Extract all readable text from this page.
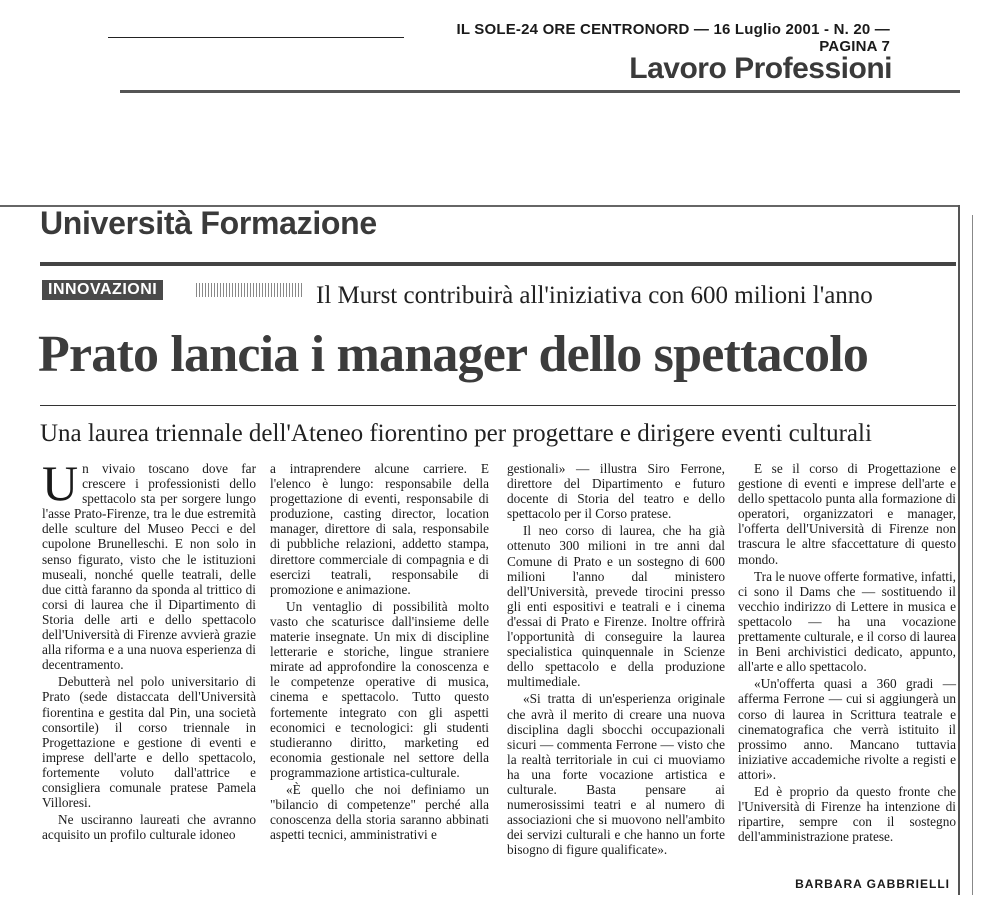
IL SOLE-24 ORE CENTRONORD — 16 Luglio 2001 - N. 20 — PAGINA 7
Lavoro Professioni
Università Formazione
INNOVAZIONI	Il Murst contribuirà all'iniziativa con 600 milioni l'anno
Prato lancia i manager dello spettacolo
Una laurea triennale dell'Ateneo fiorentino per progettare e dirigere eventi culturali

Un vivaio toscano dove far crescere i professionisti dello spettacolo sta per sorgere lungo l'asse Prato-Firenze, tra le due estremità delle sculture del Museo Pecci e del cupolone Brunelleschi. E non solo in senso figurato, visto che le istituzioni museali, nonché quelle teatrali, delle due città faranno da sponda al trittico di corsi di laurea che il Dipartimento di Storia delle arti e dello spettacolo dell'Università di Firenze avvierà grazie alla riforma e a una nuova esperienza di decentramento.

Debutterà nel polo universitario di Prato (sede distaccata dell'Università fiorentina e gestita dal Pin, una società consortile) il corso triennale in Progettazione e gestione di eventi e imprese dell'arte e dello spettacolo, fortemente voluto dall'attrice e consigliera comunale pratese Pamela Villoresi.

Ne usciranno laureati che avranno acquisito un profilo culturale idoneo

a intraprendere alcune carriere. E l'elenco è lungo: responsabile della progettazione di eventi, responsabile di produzione, casting director, location manager, direttore di sala, responsabile di pubbliche relazioni, addetto stampa, direttore commerciale di compagnia e di esercizi teatrali, responsabile di promozione e animazione.

Un ventaglio di possibilità molto vasto che scaturisce dall'insieme delle materie insegnate. Un mix di discipline letterarie e storiche, lingue straniere mirate ad approfondire la conoscenza e le competenze operative di musica, cinema e spettacolo. Tutto questo fortemente integrato con gli aspetti economici e tecnologici: gli studenti studieranno diritto, marketing ed economia gestionale nel settore della programmazione artistica-culturale.

«È quello che noi definiamo un "bilancio di competenze" perché alla conoscenza della storia saranno abbinati aspetti tecnici, amministrativi e

gestionali» — illustra Siro Ferrone, direttore del Dipartimento e futuro docente di Storia del teatro e dello spettacolo per il Corso pratese.

Il neo corso di laurea, che ha già ottenuto 300 milioni in tre anni dal Comune di Prato e un sostegno di 600 milioni l'anno dal ministero dell'Università, prevede tirocini presso gli enti espositivi e teatrali e i cinema d'essai di Prato e Firenze. Inoltre offrirà l'opportunità di conseguire la laurea specialistica quinquennale in Scienze dello spettacolo e della produzione multimediale.

«Si tratta di un'esperienza originale che avrà il merito di creare una nuova disciplina dagli sbocchi occupazionali sicuri — commenta Ferrone — visto che la realtà territoriale in cui ci muoviamo ha una forte vocazione artistica e culturale. Basta pensare ai numerosissimi teatri e al numero di associazioni che si muovono nell'ambito dei servizi culturali e che hanno un forte bisogno di figure qualificate».

E se il corso di Progettazione e gestione di eventi e imprese dell'arte e dello spettacolo punta alla formazione di operatori, organizzatori e manager, l'offerta dell'Università di Firenze non trascura le altre sfaccettature di questo mondo.

Tra le nuove offerte formative, infatti, ci sono il Dams che — sostituendo il vecchio indirizzo di Lettere in musica e spettacolo — ha una vocazione prettamente culturale, e il corso di laurea in Beni archivistici dedicato, appunto, all'arte e allo spettacolo.

«Un'offerta quasi a 360 gradi — afferma Ferrone — cui si aggiungerà un corso di laurea in Scrittura teatrale e cinematografica che verrà istituito il prossimo anno. Mancano tuttavia iniziative accademiche rivolte a registi e attori».

Ed è proprio da questo fronte che l'Università di Firenze ha intenzione di ripartire, sempre con il sostegno dell'amministrazione pratese.

BARBARA GABBRIELLI
